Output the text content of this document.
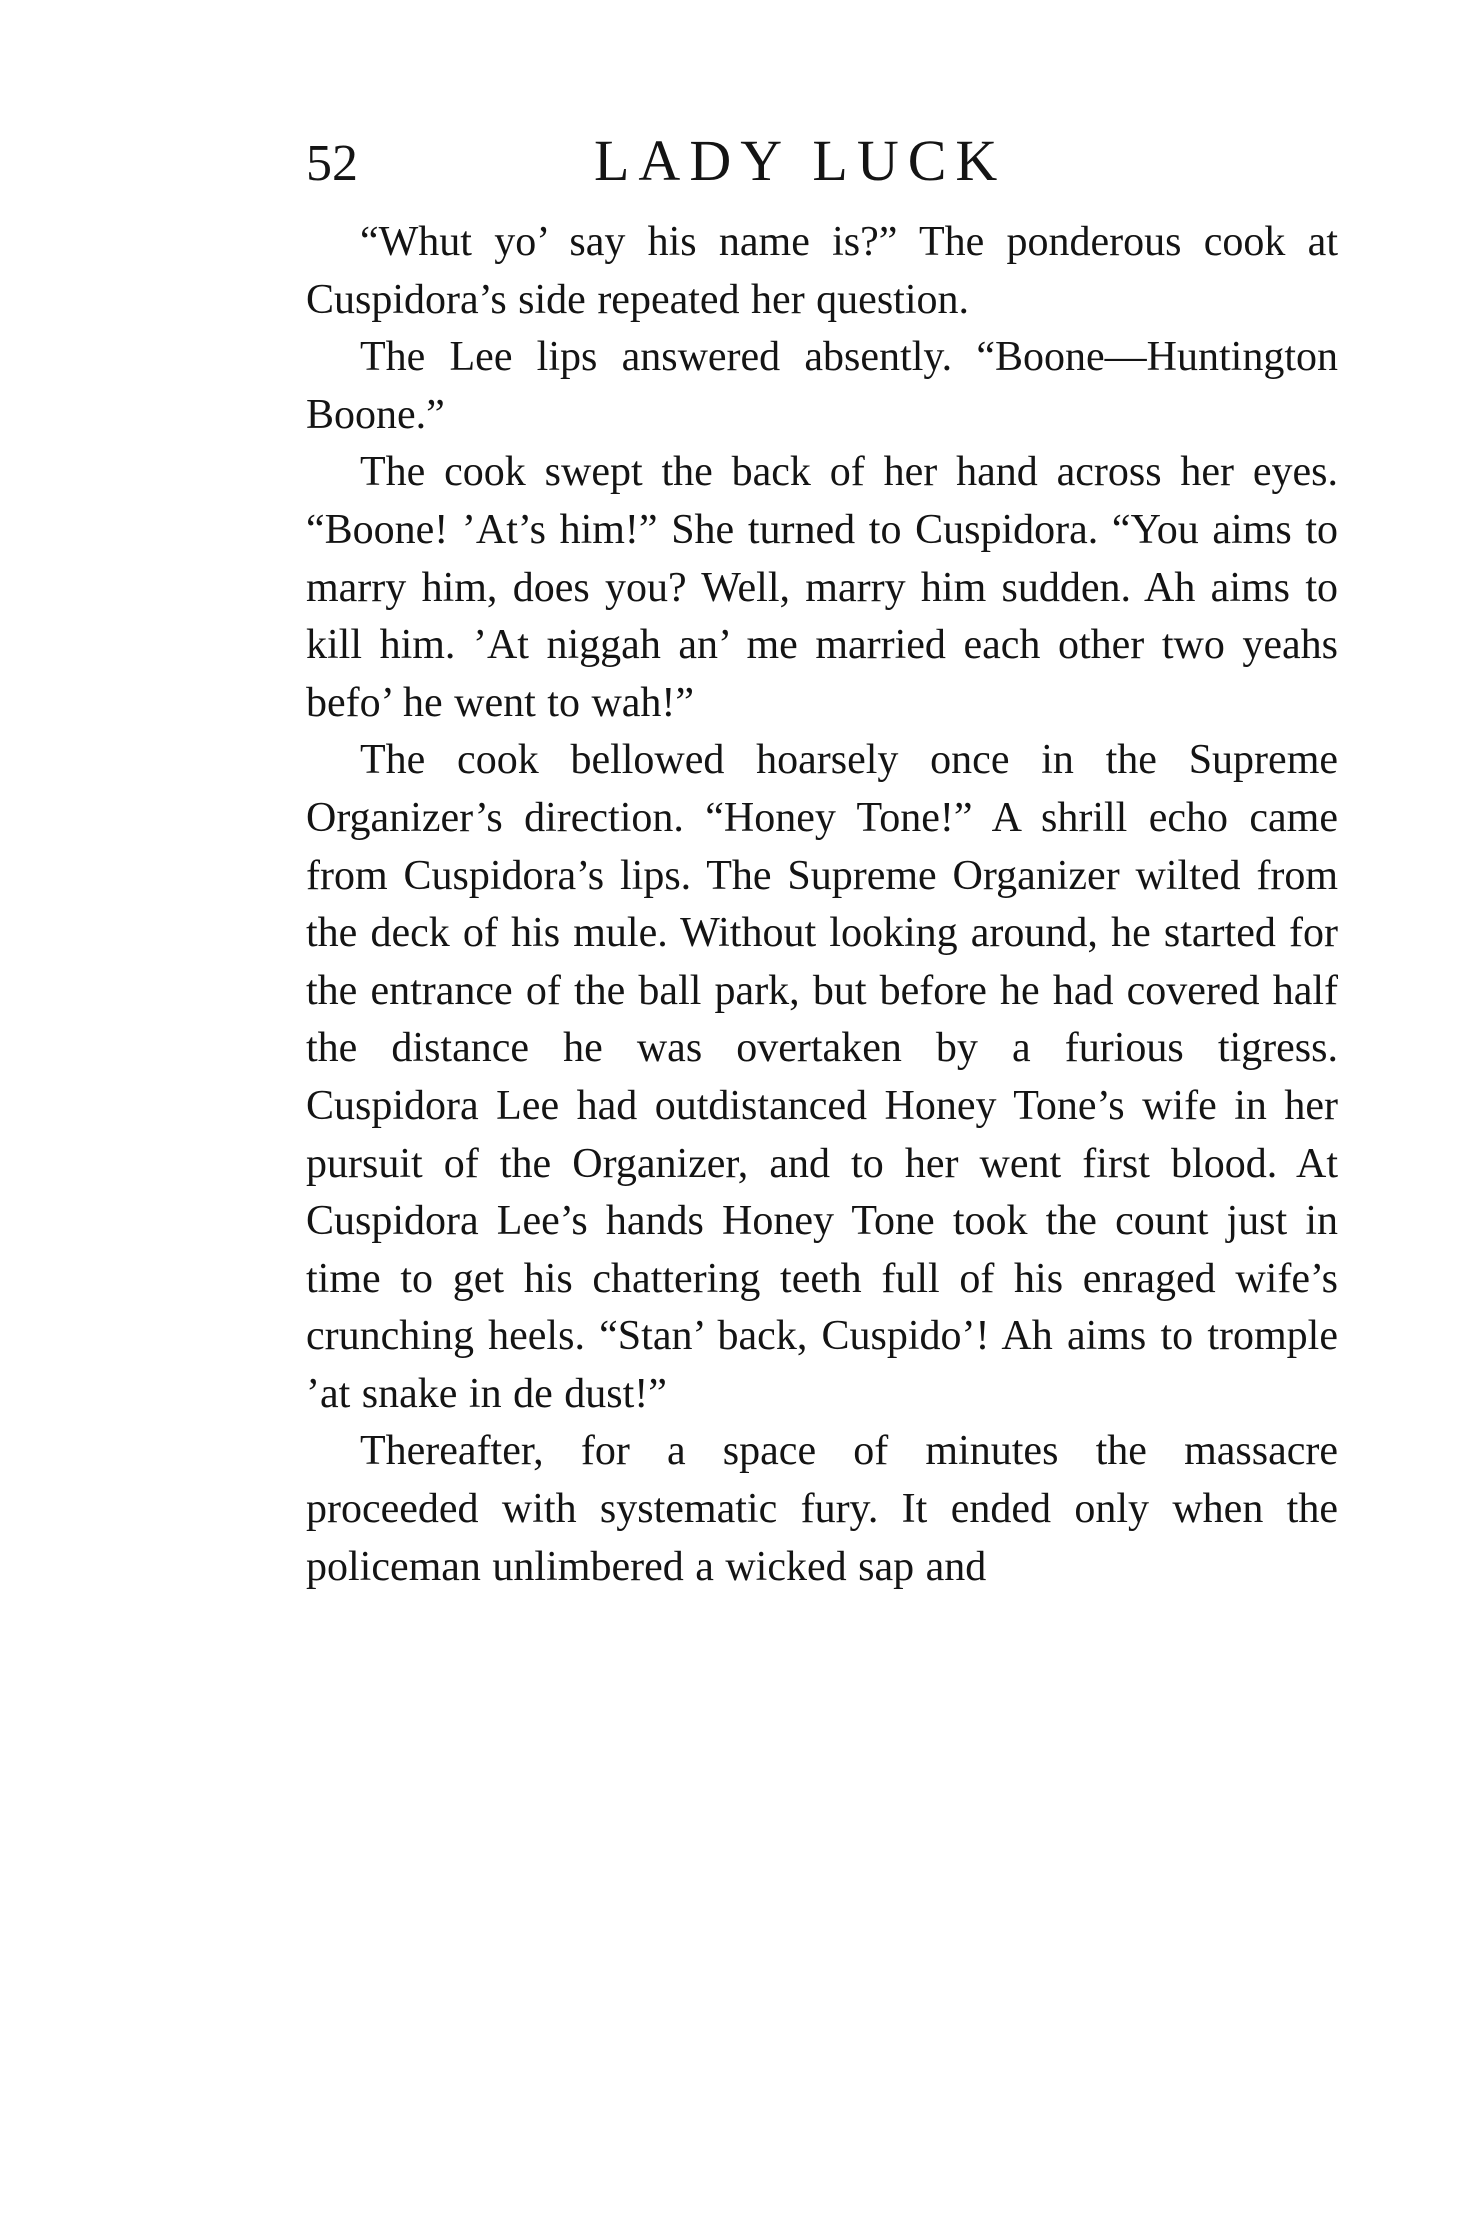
52	LADY LUCK

“Whut yo’ say his name is?” The ponderous cook at Cuspidora’s side repeated her question.

The Lee lips answered absently. “Boone—Huntington Boone.”

The cook swept the back of her hand across her eyes. “Boone! ’At’s him!” She turned to Cuspidora. “You aims to marry him, does you? Well, marry him sudden. Ah aims to kill him. ’At niggah an’ me married each other two yeahs befo’ he went to wah!”

The cook bellowed hoarsely once in the Supreme Organizer’s direction. “Honey Tone!” A shrill echo came from Cuspidora’s lips. The Supreme Organizer wilted from the deck of his mule. Without looking around, he started for the entrance of the ball park, but before he had covered half the distance he was overtaken by a furious tigress. Cuspidora Lee had outdistanced Honey Tone’s wife in her pursuit of the Organizer, and to her went first blood. At Cuspidora Lee’s hands Honey Tone took the count just in time to get his chattering teeth full of his enraged wife’s crunching heels. “Stan’ back, Cuspido’! Ah aims to tromple ’at snake in de dust!”

Thereafter, for a space of minutes the massacre proceeded with systematic fury. It ended only when the policeman unlimbered a wicked sap and
